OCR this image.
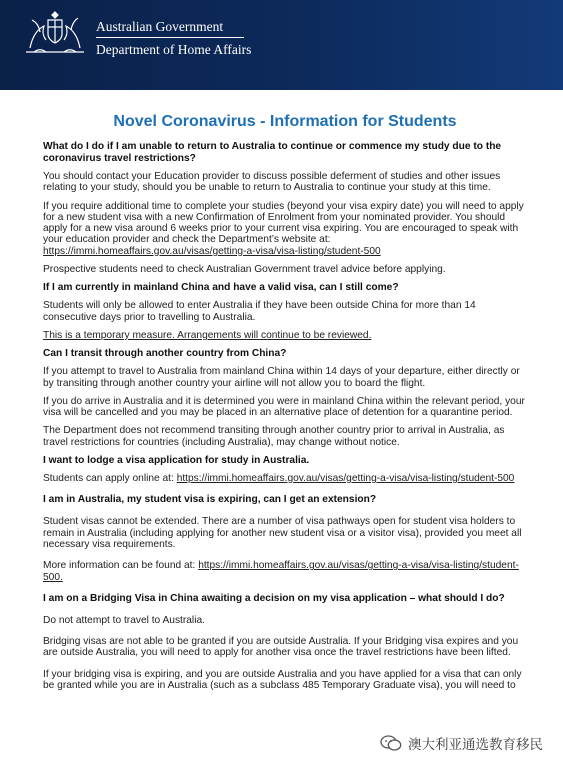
Australian Government
Department of Home Affairs
Novel Coronavirus - Information for Students
What do I do if I am unable to return to Australia to continue or commence my study due to the coronavirus travel restrictions?
You should contact your Education provider to discuss possible deferment of studies and other issues relating to your study, should you be unable to return to Australia to continue your study at this time.
If you require additional time to complete your studies (beyond your visa expiry date) you will need to apply for a new student visa with a new Confirmation of Enrolment from your nominated provider. You should apply for a new visa around 6 weeks prior to your current visa expiring. You are encouraged to speak with your education provider and check the Department’s website at:
https://immi.homeaffairs.gov.au/visas/getting-a-visa/visa-listing/student-500
Prospective students need to check Australian Government travel advice before applying.
If I am currently in mainland China and have a valid visa, can I still come?
Students will only be allowed to enter Australia if they have been outside China for more than 14 consecutive days prior to travelling to Australia.
This is a temporary measure. Arrangements will continue to be reviewed.
Can I transit through another country from China?
If you attempt to travel to Australia from mainland China within 14 days of your departure, either directly or by transiting through another country your airline will not allow you to board the flight.
If you do arrive in Australia and it is determined you were in mainland China within the relevant period, your visa will be cancelled and you may be placed in an alternative place of detention for a quarantine period.
The Department does not recommend transiting through another country prior to arrival in Australia, as travel restrictions for countries (including Australia), may change without notice.
I want to lodge a visa application for study in Australia.
Students can apply online at: https://immi.homeaffairs.gov.au/visas/getting-a-visa/visa-listing/student-500
I am in Australia, my student visa is expiring, can I get an extension?
Student visas cannot be extended. There are a number of visa pathways open for student visa holders to remain in Australia (including applying for another new student visa or a visitor visa), provided you meet all necessary visa requirements.
More information can be found at: https://immi.homeaffairs.gov.au/visas/getting-a-visa/visa-listing/student-500.
I am on a Bridging Visa in China awaiting a decision on my visa application – what should I do?
Do not attempt to travel to Australia.
Bridging visas are not able to be granted if you are outside Australia. If your Bridging visa expires and you are outside Australia, you will need to apply for another visa once the travel restrictions have been lifted.
If your bridging visa is expiring, and you are outside Australia and you have applied for a visa that can only be granted while you are in Australia (such as a subclass 485 Temporary Graduate visa), you will need to
澳大利亚通选教育移民
